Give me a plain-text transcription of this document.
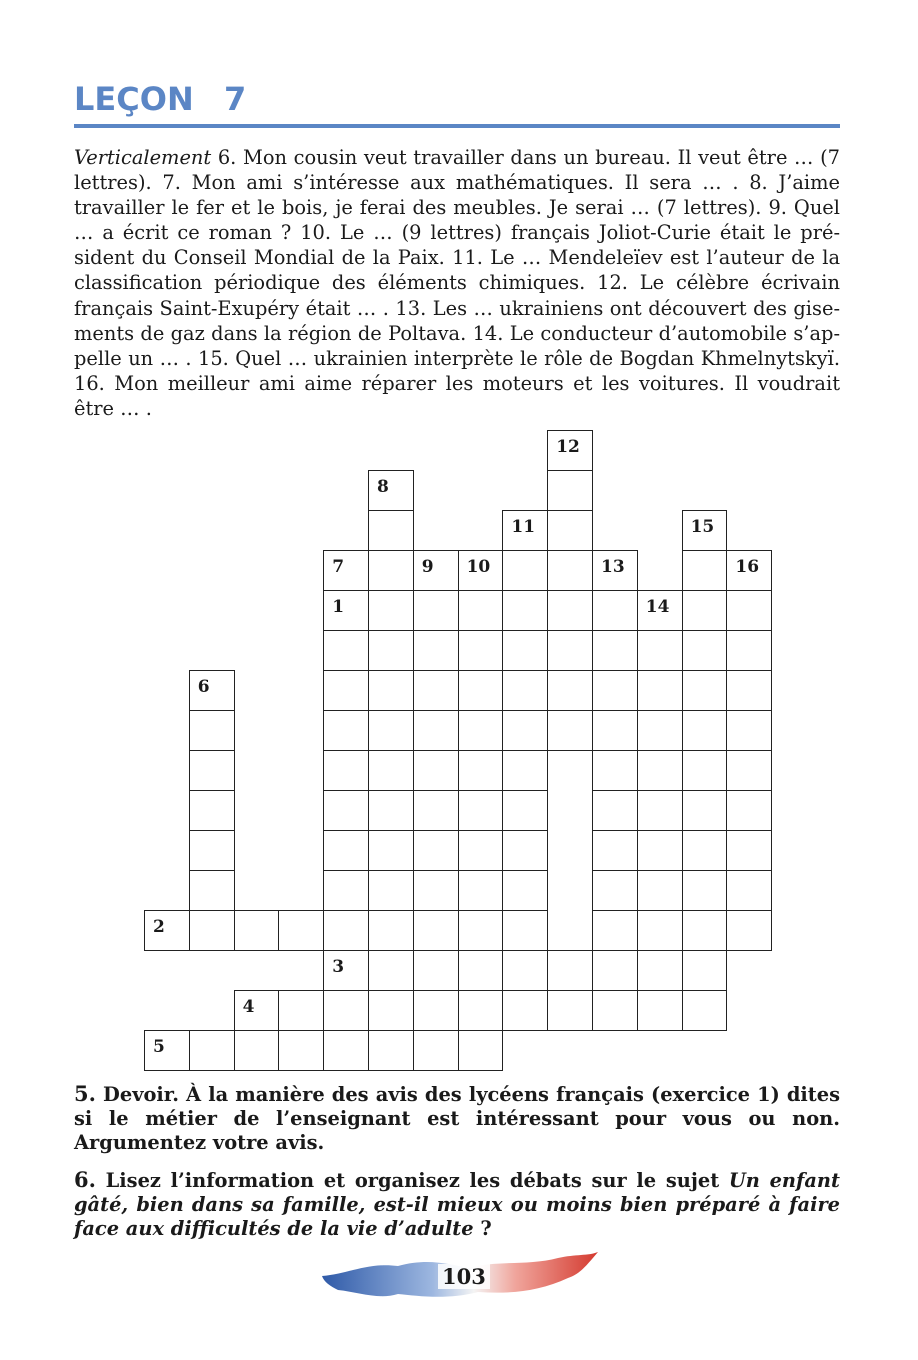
LEÇON 7
Verticalement 6. Mon cousin veut travailler dans un bureau. Il veut être … (7 lettres). 7. Mon ami s’intéresse aux mathématiques. Il sera … . 8. J’aime travailler le fer et le bois, je ferai des meubles. Je serai … (7 lettres). 9. Quel … a écrit ce roman ? 10. Le … (9 lettres) français Joliot-Curie était le président du Conseil Mondial de la Paix. 11. Le … Mendeleïev est l’auteur de la classification périodique des éléments chimiques. 12. Le célèbre écrivain français Saint-Exupéry était … . 13. Les … ukrainiens ont découvert des gisements de gaz dans la région de Poltava. 14. Le conducteur d’automobile s’appelle un … . 15. Quel … ukrainien interprète le rôle de Bogdan Khmelnytskyï. 16. Mon meilleur ami aime réparer les moteurs et les voitures. Il voudrait être … .
12
8
11	15
7
1
3
9 10	13	16
14
6
2
4
5
5. Devoir. À la manière des avis des lycéens français (exercice 1) dites si le métier de l’enseignant est intéressant pour vous ou non. Argumentez votre avis.
6. Lisez l’information et organisez les débats sur le sujet Un enfant gâté, bien dans sa famille, est-il mieux ou moins bien préparé à faire face aux difficultés de la vie d’adulte ?
103
